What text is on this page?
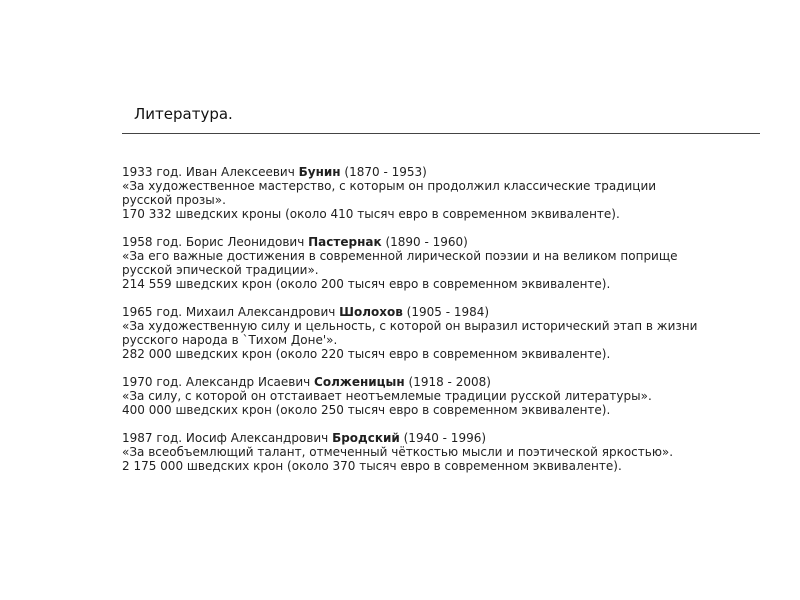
Литература.
1933 год. Иван Алексеевич Бунин (1870 - 1953)
«За художественное мастерство, с которым он продолжил классические традиции русской прозы».
170 332 шведских кроны (около 410 тысяч евро в современном эквиваленте).
1958 год. Борис Леонидович Пастернак (1890 - 1960)
«За его важные достижения в современной лирической поэзии и на великом поприще русской эпической традиции».
214 559 шведских крон (около 200 тысяч евро в современном эквиваленте).
1965 год. Михаил Александрович Шолохов (1905 - 1984)
«За художественную силу и цельность, с которой он выразил исторический этап в жизни русского народа в `Тихом Доне'».
282 000 шведских крон (около 220 тысяч евро в современном эквиваленте).
1970 год. Александр Исаевич Солженицын (1918 - 2008)
«За силу, с которой он отстаивает неотъемлемые традиции русской литературы».
400 000 шведских крон (около 250 тысяч евро в современном эквиваленте).
1987 год. Иосиф Александрович Бродский (1940 - 1996)
«За всеобъемлющий талант, отмеченный чёткостью мысли и поэтической яркостью».
2 175 000 шведских крон (около 370 тысяч евро в современном эквиваленте).
